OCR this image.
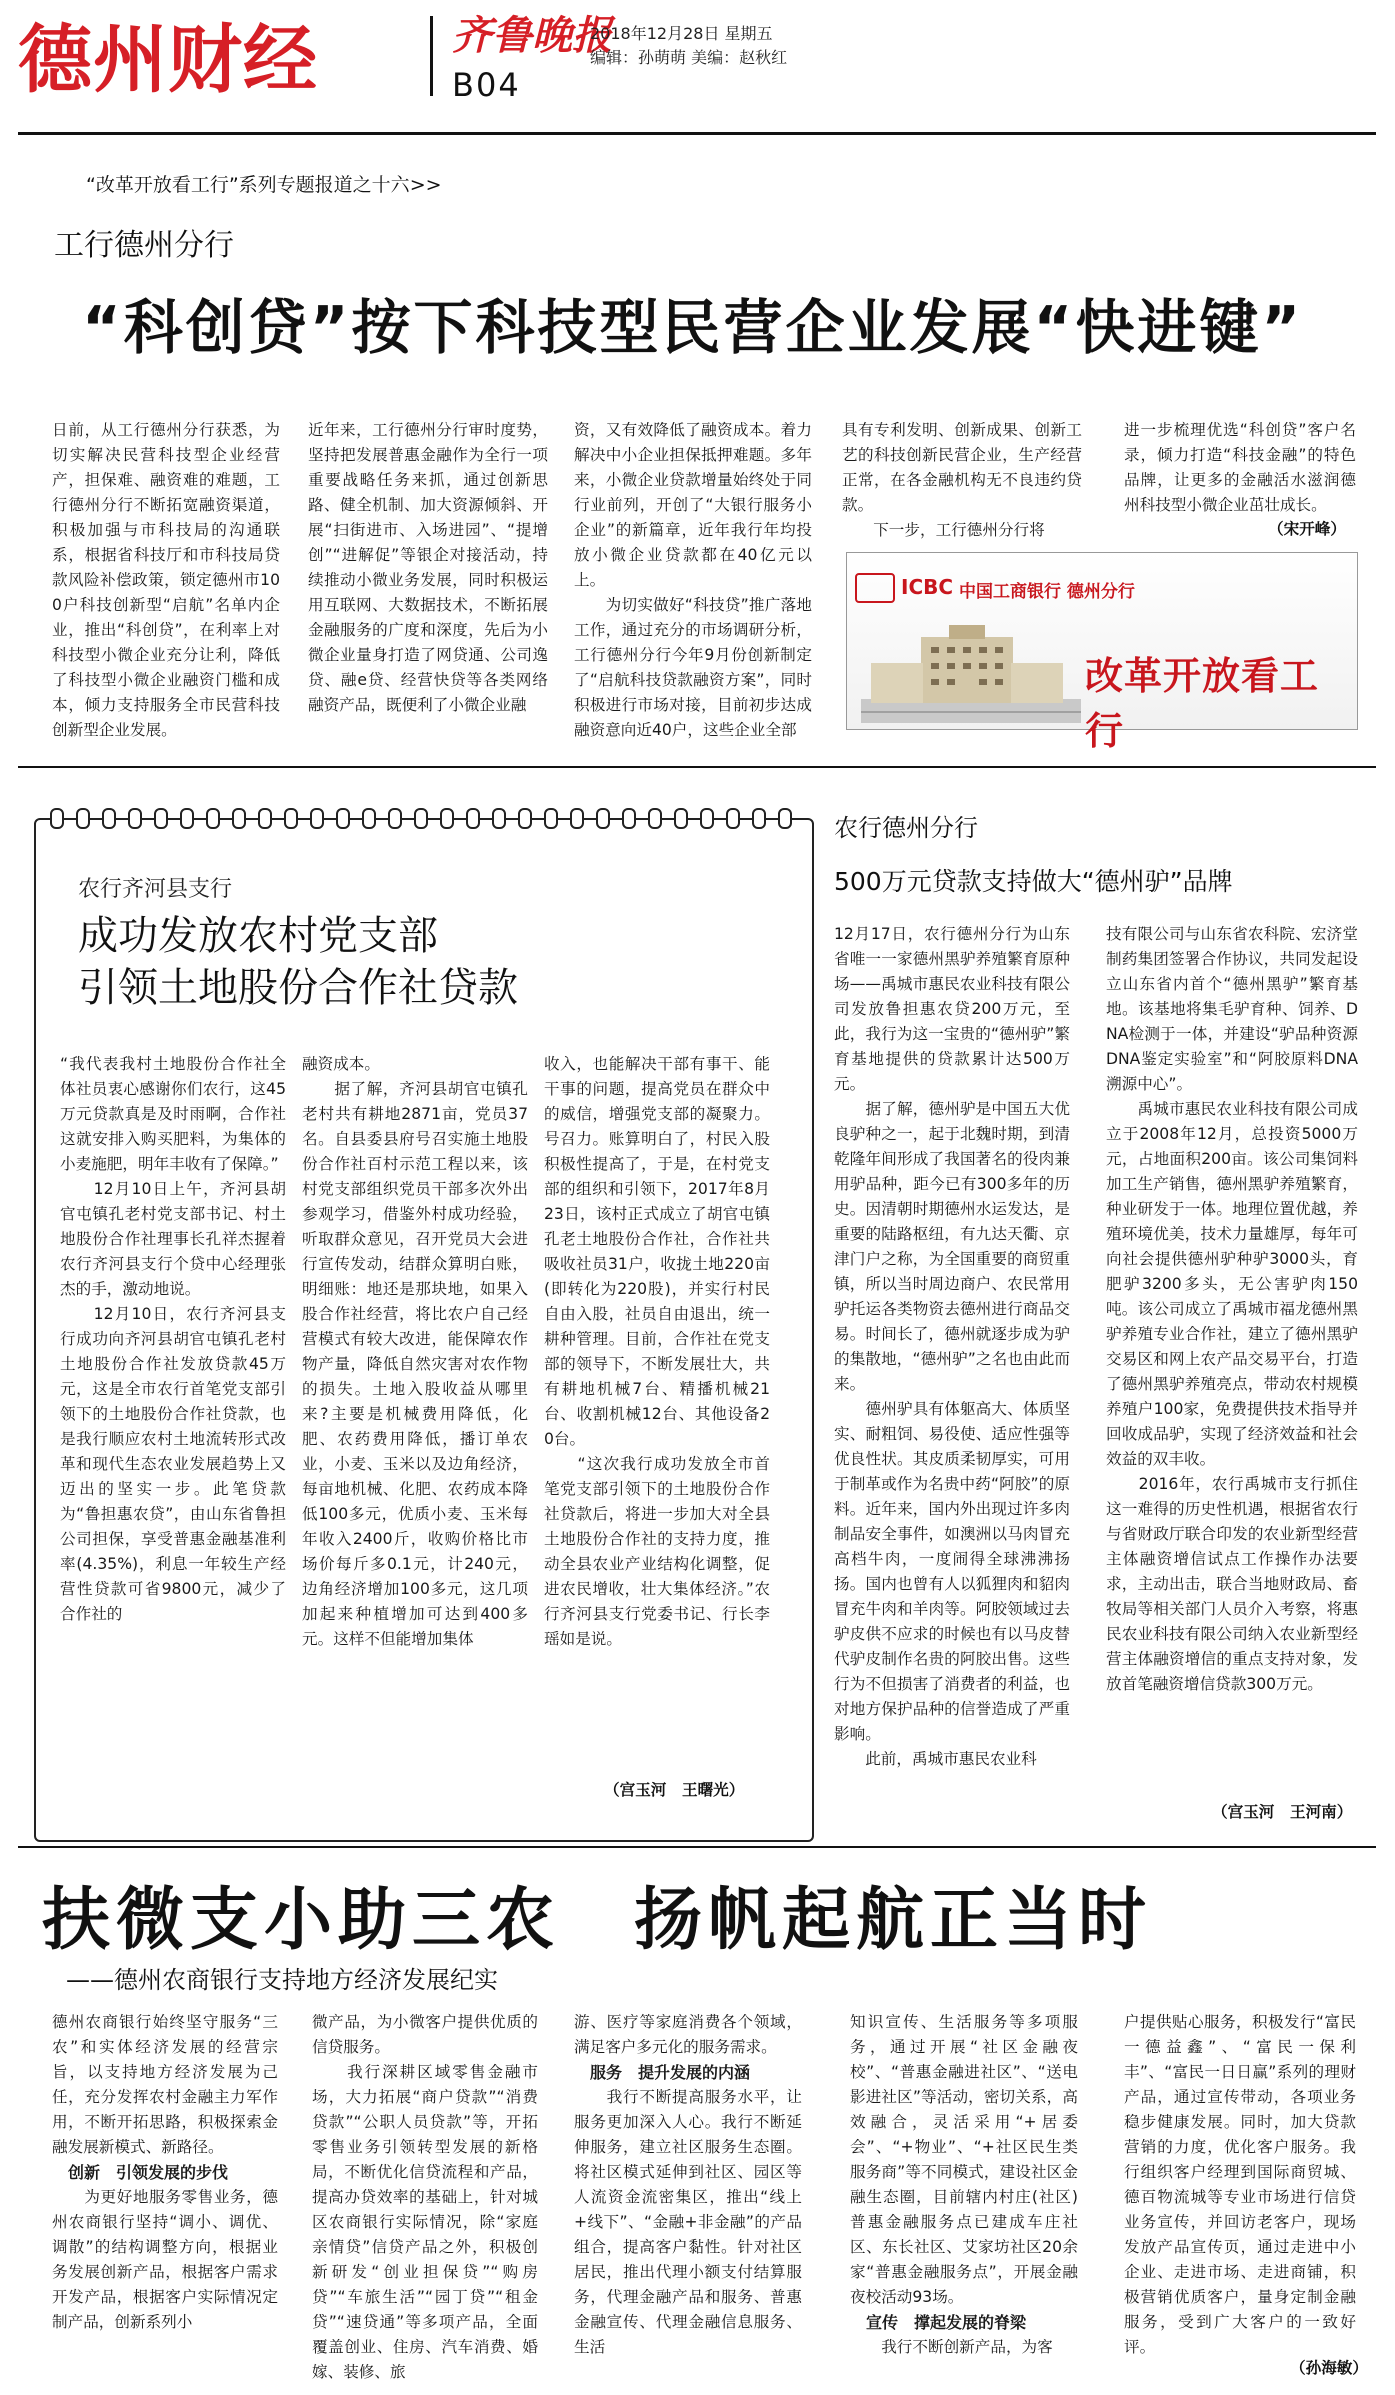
德州财经	齐鲁晚报
B04
2018年12月28日 星期五
编辑：孙萌萌 美编：赵秋红
“改革开放看工行”系列专题报道之十六>>
工行德州分行
“科创贷”按下科技型民营企业发展“快进键”
日前，从工行德州分行获悉，为切实解决民营科技型企业经营产，担保难、融资难的难题，工行德州分行不断拓宽融资渠道，积极加强与市科技局的沟通联系，根据省科技厅和市科技局贷款风险补偿政策，锁定德州市100户科技创新型“启航”名单内企业，推出“科创贷”，在利率上对科技型小微企业充分让利，降低了科技型小微企业融资门槛和成本，倾力支持服务全市民营科技创新型企业发展。
近年来，工行德州分行审时度势，坚持把发展普惠金融作为全行一项重要战略任务来抓，通过创新思路、健全机制、加大资源倾斜、开展“扫街进市、入场进园”、“提增创”“进解促”等银企对接活动，持续推动小微业务发展，同时积极运用互联网、大数据技术，不断拓展金融服务的广度和深度，先后为小微企业量身打造了网贷通、公司逸贷、融e贷、经营快贷等各类网络融资产品，既便利了小微企业融
资，又有效降低了融资成本。着力解决中小企业担保抵押难题。多年来，小微企业贷款增量始终处于同行业前列，开创了“大银行服务小企业”的新篇章，近年我行年均投放小微企业贷款都在40亿元以上。
　　为切实做好“科技贷”推广落地工作，通过充分的市场调研分析，工行德州分行今年9月份创新制定了“启航科技贷款融资方案”，同时积极进行市场对接，目前初步达成融资意向近40户，这些企业全部
具有专利发明、创新成果、创新工艺的科技创新民营企业，生产经营正常，在各金融机构无不良违约贷款。
　　下一步，工行德州分行将
进一步梳理优选“科创贷”客户名录，倾力打造“科技金融”的特色品牌，让更多的金融活水滋润德州科技型小微企业茁壮成长。
（宋开峰）
ICBC 中国工商银行 德州分行
改革开放看工行
农行齐河县支行
成功发放农村党支部
引领土地股份合作社贷款
“我代表我村土地股份合作社全体社员衷心感谢你们农行，这45万元贷款真是及时雨啊，合作社这就安排入购买肥料，为集体的小麦施肥，明年丰收有了保障。”
　　12月10日上午，齐河县胡官屯镇孔老村党支部书记、村土地股份合作社理事长孔祥杰握着农行齐河县支行个贷中心经理张杰的手，激动地说。
　　12月10日，农行齐河县支行成功向齐河县胡官屯镇孔老村土地股份合作社发放贷款45万元，这是全市农行首笔党支部引领下的土地股份合作社贷款，也是我行顺应农村土地流转形式改革和现代生态农业发展趋势上又迈出的坚实一步。此笔贷款为“鲁担惠农贷”，由山东省鲁担公司担保，享受普惠金融基准利率(4.35%)，利息一年较生产经营性贷款可省9800元，减少了合作社的
融资成本。
　　据了解，齐河县胡官屯镇孔老村共有耕地2871亩，党员37名。自县委县府号召实施土地股份合作社百村示范工程以来，该村党支部组织党员干部多次外出参观学习，借鉴外村成功经验，听取群众意见，召开党员大会进行宣传发动，结群众算明白账，明细账：地还是那块地，如果入股合作社经营，将比农户自己经营模式有较大改进，能保障农作物产量，降低自然灾害对农作物的损失。土地入股收益从哪里来?主要是机械费用降低，化肥、农药费用降低，播订单农业，小麦、玉米以及边角经济，每亩地机械、化肥、农药成本降低100多元，优质小麦、玉米每年收入2400斤，收购价格比市场价每斤多0.1元，计240元，边角经济增加100多元，这几项加起来种植增加可达到400多元。这样不但能增加集体
收入，也能解决干部有事干、能干事的问题，提高党员在群众中的威信，增强党支部的凝聚力。号召力。账算明白了，村民入股积极性提高了，于是，在村党支部的组织和引领下，2017年8月23日，该村正式成立了胡官屯镇孔老土地股份合作社，合作社共吸收社员31户，收拢土地220亩(即转化为220股)，并实行村民自由入股，社员自由退出，统一耕种管理。目前，合作社在党支部的领导下，不断发展壮大，共有耕地机械7台、精播机械21台、收割机械12台、其他设备20台。
　　“这次我行成功发放全市首笔党支部引领下的土地股份合作社贷款后，将进一步加大对全县土地股份合作社的支持力度，推动全县农业产业结构化调整，促进农民增收，壮大集体经济。”农行齐河县支行党委书记、行长李瑶如是说。
（宫玉河　王曙光）
农行德州分行
500万元贷款支持做大“德州驴”品牌
12月17日，农行德州分行为山东省唯一一家德州黑驴养殖繁育原种场——禹城市惠民农业科技有限公司发放鲁担惠农贷200万元，至此，我行为这一宝贵的“德州驴”繁育基地提供的贷款累计达500万元。
　　据了解，德州驴是中国五大优良驴种之一，起于北魏时期，到清乾隆年间形成了我国著名的役肉兼用驴品种，距今已有300多年的历史。因清朝时期德州水运发达，是重要的陆路枢纽，有九达天衢、京津门户之称，为全国重要的商贸重镇，所以当时周边商户、农民常用驴托运各类物资去德州进行商品交易。时间长了，德州就逐步成为驴的集散地，“德州驴”之名也由此而来。
　　德州驴具有体躯高大、体质坚实、耐粗饲、易役使、适应性强等优良性状。其皮质柔韧厚实，可用于制革或作为名贵中药“阿胶”的原料。近年来，国内外出现过许多肉制品安全事件，如澳洲以马肉冒充高档牛肉，一度闹得全球沸沸扬扬。国内也曾有人以狐狸肉和貂肉冒充牛肉和羊肉等。阿胶领域过去驴皮供不应求的时候也有以马皮替代驴皮制作名贵的阿胶出售。这些行为不但损害了消费者的利益，也对地方保护品种的信誉造成了严重影响。
　　此前，禹城市惠民农业科
技有限公司与山东省农科院、宏济堂制药集团签署合作协议，共同发起设立山东省内首个“德州黑驴”繁育基地。该基地将集毛驴育种、饲养、DNA检测于一体，并建设“驴品种资源DNA鉴定实验室”和“阿胶原料DNA溯源中心”。
　　禹城市惠民农业科技有限公司成立于2008年12月，总投资5000万元，占地面积200亩。该公司集饲料加工生产销售，德州黑驴养殖繁育，种业研发于一体。地理位置优越，养殖环境优美，技术力量雄厚，每年可向社会提供德州驴种驴3000头，育肥驴3200多头，无公害驴肉150吨。该公司成立了禹城市福龙德州黑驴养殖专业合作社，建立了德州黑驴交易区和网上农产品交易平台，打造了德州黑驴养殖亮点，带动农村规模养殖户100家，免费提供技术指导并回收成品驴，实现了经济效益和社会效益的双丰收。
　　2016年，农行禹城市支行抓住这一难得的历史性机遇，根据省农行与省财政厅联合印发的农业新型经营主体融资增信试点工作操作办法要求，主动出击，联合当地财政局、畜牧局等相关部门人员介入考察，将惠民农业科技有限公司纳入农业新型经营主体融资增信的重点支持对象，发放首笔融资增信贷款300万元。
（宫玉河　王河南）
扶微支小助三农　扬帆起航正当时
——德州农商银行支持地方经济发展纪实
德州农商银行始终坚守服务“三农”和实体经济发展的经营宗旨，以支持地方经济发展为己任，充分发挥农村金融主力军作用，不断开拓思路，积极探索金融发展新模式、新路径。
　创新　引领发展的步伐
　　为更好地服务零售业务，德州农商银行坚持“调小、调优、调散”的结构调整方向，根据业务发展创新产品，根据客户需求开发产品，根据客户实际情况定制产品，创新系列小
微产品，为小微客户提供优质的信贷服务。
　　我行深耕区域零售金融市场，大力拓展“商户贷款”“消费贷款”“公职人员贷款”等，开拓零售业务引领转型发展的新格局，不断优化信贷流程和产品，提高办贷效率的基础上，针对城区农商银行实际情况，除“家庭亲情贷”信贷产品之外，积极创新研发“创业担保贷”“购房贷”“车旅生活”“园丁贷”“租金贷”“速贷通”等多项产品，全面覆盖创业、住房、汽车消费、婚嫁、装修、旅
游、医疗等家庭消费各个领域，满足客户多元化的服务需求。
　服务　提升发展的内涵
　　我行不断提高服务水平，让服务更加深入人心。我行不断延伸服务，建立社区服务生态圈。将社区模式延伸到社区、园区等人流资金流密集区，推出“线上+线下”、“金融+非金融”的产品组合，提高客户黏性。针对社区居民，推出代理小额支付结算服务，代理金融产品和服务、普惠金融宣传、代理金融信息服务、生活
知识宣传、生活服务等多项服务，通过开展“社区金融夜校”、“普惠金融进社区”、“送电影进社区”等活动，密切关系，高效融合，灵活采用“+居委会”、“+物业”、“+社区民生类服务商”等不同模式，建设社区金融生态圈，目前辖内村庄(社区)普惠金融服务点已建成车庄社区、东长社区、艾家坊社区20余家“普惠金融服务点”，开展金融夜校活动93场。
　宣传　撑起发展的脊梁
　　我行不断创新产品，为客
户提供贴心服务，积极发行“富民一德益鑫”、“富民一保利丰”、“富民一日日赢”系列的理财产品，通过宣传带动，各项业务稳步健康发展。同时，加大贷款营销的力度，优化客户服务。我行组织客户经理到国际商贸城、德百物流城等专业市场进行信贷业务宣传，并回访老客户，现场发放产品宣传页，通过走进中小企业、走进市场、走进商铺，积极营销优质客户，量身定制金融服务，受到广大客户的一致好评。
（孙海敏）
